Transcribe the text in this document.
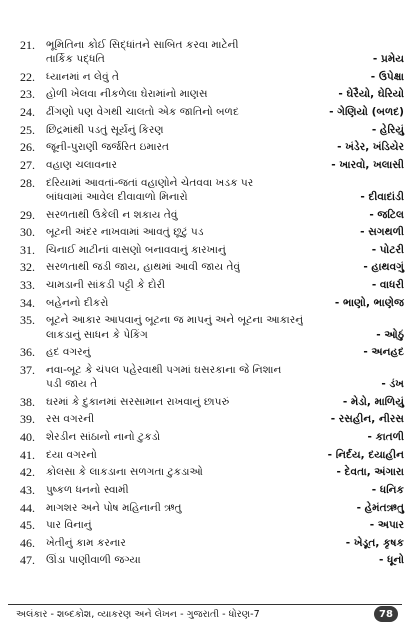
21.	ભૂમિતિના કોઈ સિદ્ધાંતને સાબિત કરવા માટેની
તાર્કિક પદ્ધતિ	- પ્રમેય
22.	ધ્યાનમાં ન લેવું તે	- ઉપેક્ષા
23.	હોળી ખેલવા નીકળેલા ઘેરામાંનો માણસ	- ઘેરૈયો, ઘેરિયો
24.	ઢીંગણો પણ વેગથી ચાલતો એક જાતિનો બળદ	- ગેણિયો (બળદ)
25.	છિદ્રમાંથી પડતું સૂર્યનું કિરણ	- હેરિયું
26.	જૂની-પુરાણી જર્જરિત ઇમારત	- ખંડેર, ખંડિયેર
27.	વહાણ ચલાવનાર	- ખારવો, ખલાસી
28.	દરિયામાં આવતાં-જતાં વહાણોને ચેતવવા ખડક પર
બાંધવામાં આવેલ દીવાવાળો મિનારો	- દીવાદાંડી
29.	સરળતાથી ઉકેલી ન શકાય તેવું	- જટિલ
30.	બૂટની અંદર નાખવામાં આવતું છૂટું પડ	- સગથળી
31.	ચિનાઈ માટીનાં વાસણો બનાવવાનું કારખાનું	- પોટરી
32.	સરળતાથી જડી જાય, હાથમાં આવી જાય તેવું	- હાથવગું
33.	ચામડાની સાંકડી પટ્ટી કે દોરી	- વાધરી
34.	બહેનનો દીકરો	- ભાણો, ભાણેજ
35.	બૂટને આકાર આપવાનું બૂટના જ માપનું અને બૂટના આકારનું
લાકડાનું સાધન કે પેકિંગ	- ઓઠું
36.	હદ વગરનું	- અનહદ
37.	નવા-બૂટ કે ચંપલ પહેરવાથી પગમાં ઘસરકાના જે નિશાન
પડી જાય તે	- ડંખ
38.	ઘરમાં કે દુકાનમાં સરસામાન રાખવાનું છાપરું	- મેડો, માળિયું
39.	રસ વગરની	- રસહીન, નીરસ
40.	શેરડીન સાંઠાનો નાનો ટુકડો	- કાતળી
41.	દયા વગરનો	- નિર્દય, દયાહીન
42.	કોલસા કે લાકડાના સળગતા ટુકડાઓ	- દેવતા, અંગારા
43.	પુષ્કળ ધનનો સ્વામી	- ધનિક
44.	માગશર અને પોષ મહિનાની ઋતુ	- હેમંતઋતુ
45.	પાર વિનાનું	- અપાર
46.	ખેતીનું કામ કરનાર	- ખેડૂત, કૃષક
47.	ઊંડા પાણીવાળી જગ્યા	- ધૂનો
અલંકાર - શબ્દકોશ, વ્યાકરણ અને લેખન - ગુજરાતી - ધોરણ-7	78
